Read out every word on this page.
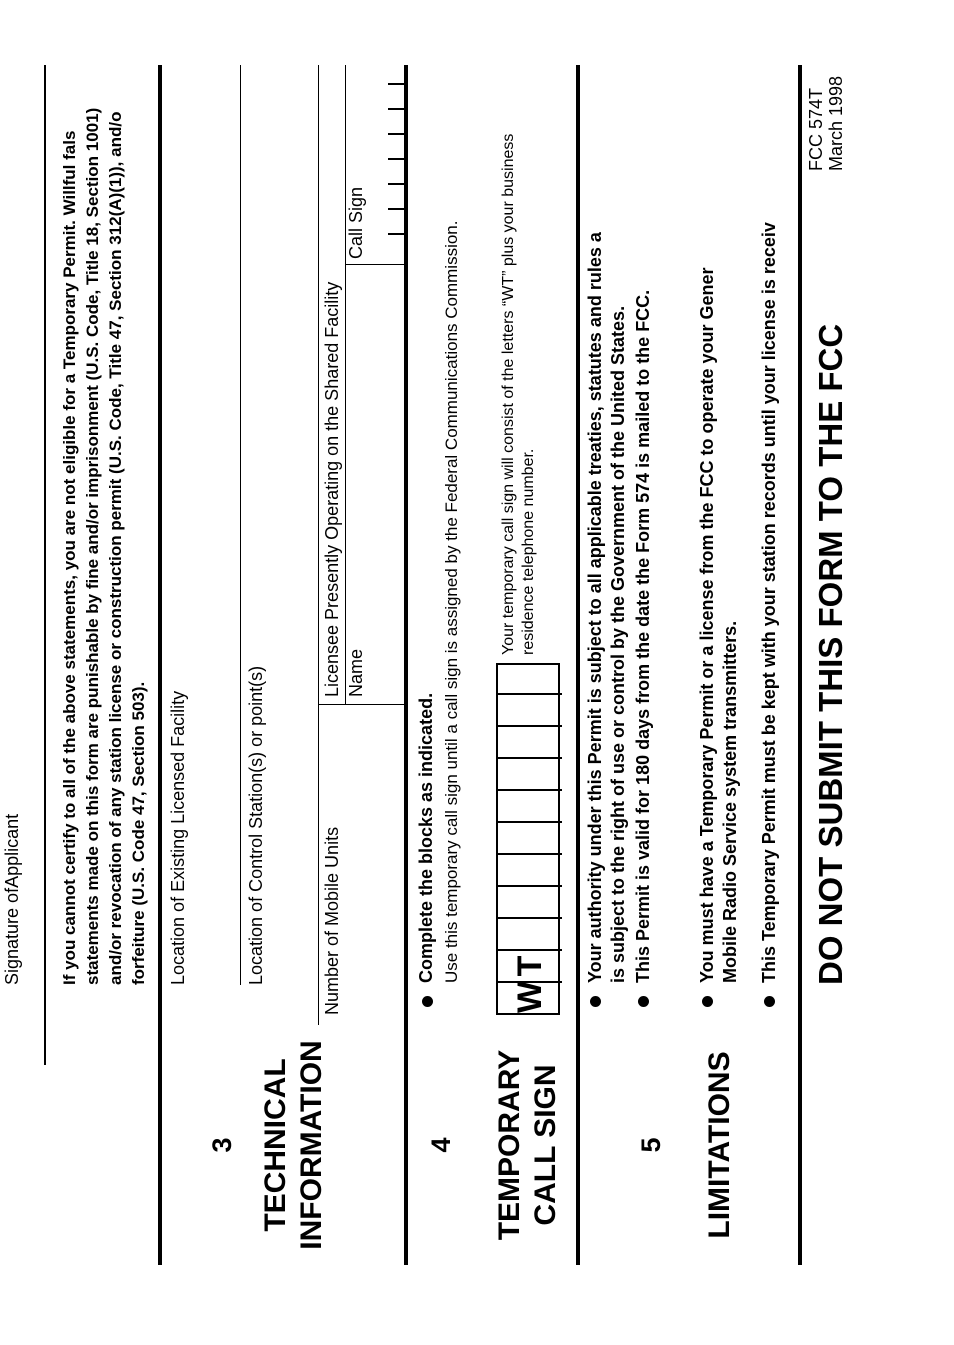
Signature ofApplicant If you cannot certify to all of the above statements, you are not eligible for a Temporary Permit. Willful fals statements made on this form are punishable by fine and/or imprisonment (U.S. Code, Title 18, Section 1001) and/or revocation of any station license or construction permit (U.S. Code, Title 47, Section 312(A)(1)), and/o forfeiture (U.S. Code 47, Section 503).
3 TECHNICAL INFORMATION
Location of Existing Licensed Facility	Location of Control Station(s) or point(s)	Number of Mobile Units
Licensee Presently Operating on the Shared Facility Name
Call Sign
4 TEMPORARY CALL SIGN
Complete the blocks as indicated. Use this temporary call sign until a call sign is assigned by the Federal Communications Commission.
W
T
Your temporary call sign will consist of the letters “WT” plus your business residence telephone number.
5 LIMITATIONS
Your authority under this Permit is subject to all applicable treaties, statutes and rules a is subject to the right of use or control by the Government of the United States. This Permit is valid for 180 days from the date the Form 574 is mailed to the FCC. You must have a Temporary Permit or a license from the FCC to operate your Gener Mobile Radio Service system transmitters. This Temporary Permit must be kept with your station records until your license is receiv DO NOT SUBMIT THIS FORM TO THE FCC
FCC 574T March 1998
